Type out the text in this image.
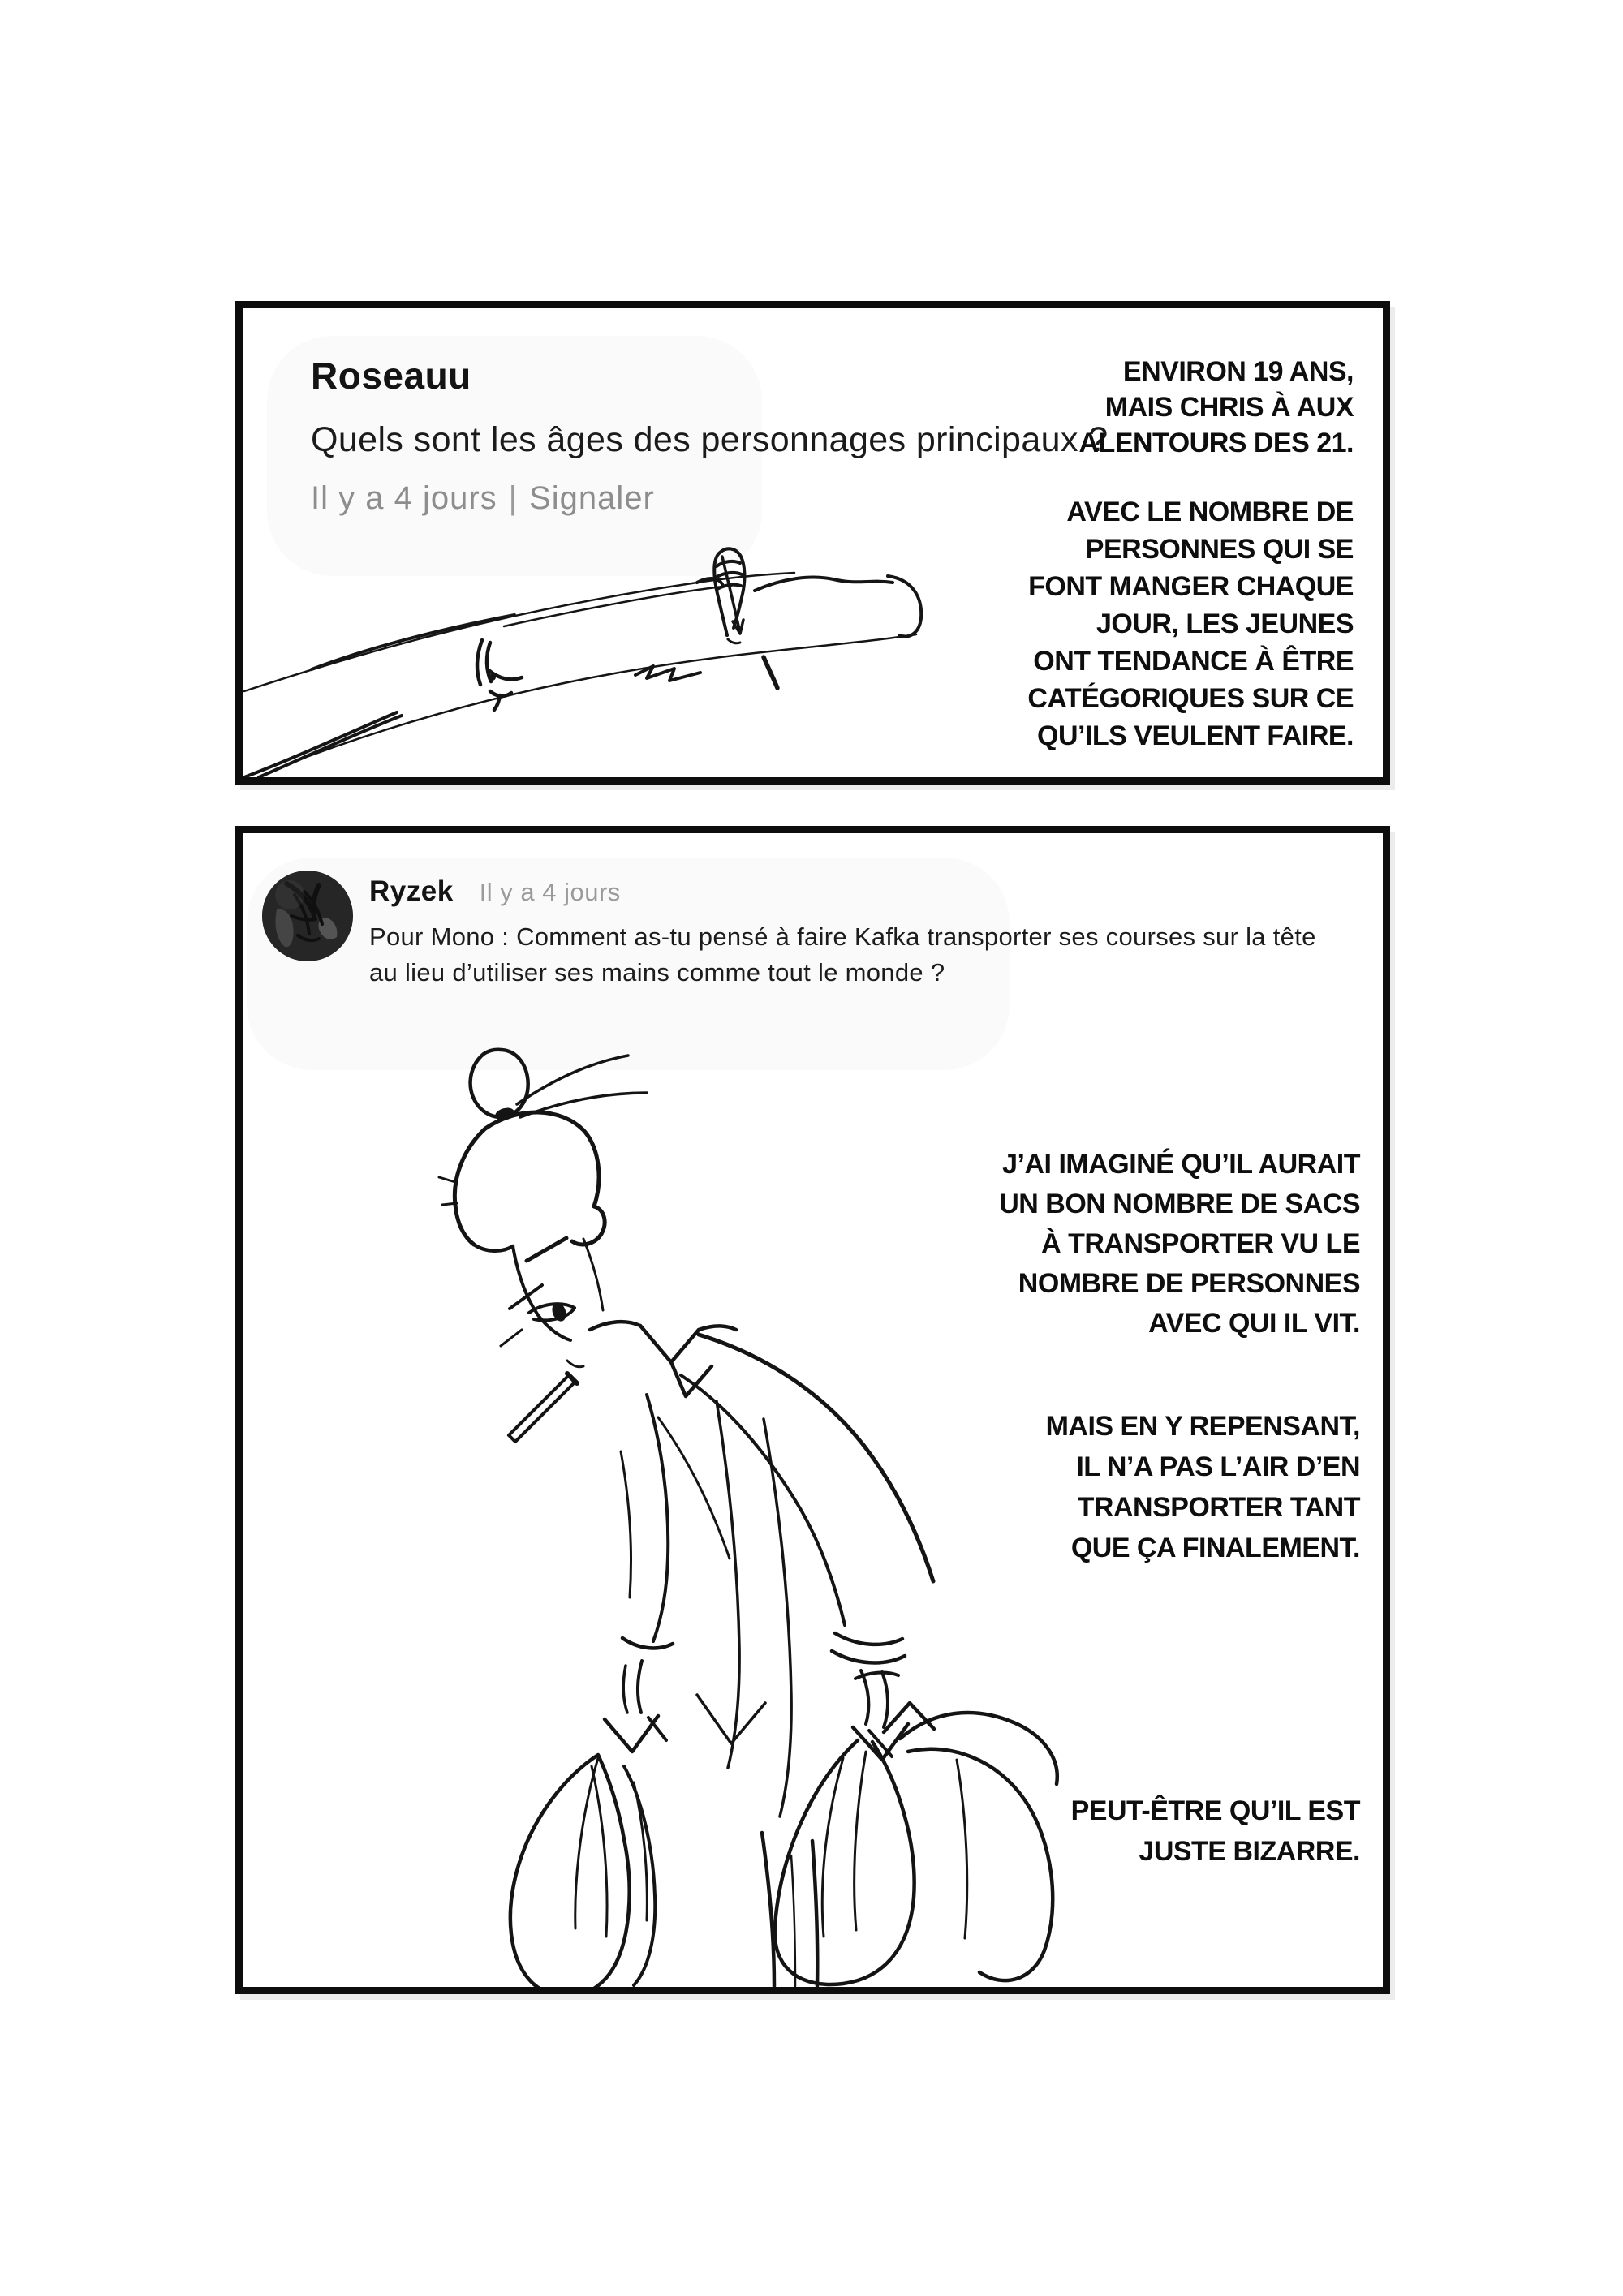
Roseauu
Quels sont les âges des personnages principaux ?
Il y a 4 jours | Signaler
ENVIRON 19 ANS,
MAIS CHRIS À AUX
ALENTOURS DES 21.
AVEC LE NOMBRE DE
PERSONNES QUI SE
FONT MANGER CHAQUE
JOUR, LES JEUNES
ONT TENDANCE À ÊTRE
CATÉGORIQUES SUR CE
QU’ILS VEULENT FAIRE.
Ryzek Il y a 4 jours
Pour Mono : Comment as-tu pensé à faire Kafka transporter ses courses sur la tête
au lieu d’utiliser ses mains comme tout le monde ?
J’AI IMAGINÉ QU’IL AURAIT
UN BON NOMBRE DE SACS
À TRANSPORTER VU LE
NOMBRE DE PERSONNES
AVEC QUI IL VIT.
MAIS EN Y REPENSANT,
IL N’A PAS L’AIR D’EN
TRANSPORTER TANT
QUE ÇA FINALEMENT.
PEUT-ÊTRE QU’IL EST
JUSTE BIZARRE.
